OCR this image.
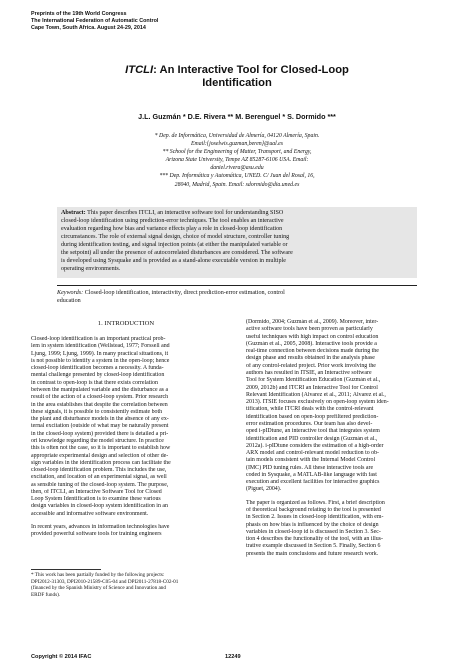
Preprints of the 19th World Congress
The International Federation of Automatic Control
Cape Town, South Africa. August 24-29, 2014
ITCLI: An Interactive Tool for Closed-Loop
Identification
J.L. Guzmán * D.E. Rivera ** M. Berenguel * S. Dormido ***
* Dep. de Informática, Universidad de Almería, 04120 Almería, Spain.
Email:{joselwis.guzman,beren}@ual.es
** School for the Engineering of Matter, Transport, and Energy,
Arizona State University, Tempe AZ 85287-6106 USA. Email:
daniel.rivera@asu.edu
*** Dep. Informática y Automática, UNED. C/ Juan del Rosal, 16,
28040, Madrid, Spain. Email: sdormido@dia.uned.es
Abstract: This paper describes ITCLI, an interactive software tool for understanding SISO
closed-loop identification using prediction-error techniques. The tool enables an interactive
evaluation regarding how bias and variance effects play a role in closed-loop identification
circumstances. The role of external signal design, choice of model structure, controller tuning
during identification testing, and signal injection points (at either the manipulated variable or
the setpoint) all under the presence of autocorrelated disturbances are considered. The software
is developed using Sysquake and is provided as a stand-alone executable version in multiple
operating environments.
Keywords: Closed-loop identification, interactivity, direct prediction-error estimation, control
education
1. INTRODUCTION
Closed-loop identification is an important practical prob-
lem in system identification (Wellstead, 1977; Forssell and
Ljung, 1999; Ljung, 1999). In many practical situations, it
is not possible to identify a system in the open-loop; hence
closed-loop identification becomes a necessity. A funda-
mental challenge presented by closed-loop identification
in contrast to open-loop is that there exists correlation
between the manipulated variable and the disturbance as a
result of the action of a closed-loop system. Prior research
in the area establishes that despite the correlation between
these signals, it is possible to consistently estimate both
the plant and disturbance models in the absence of any ex-
ternal excitation (outside of what may be naturally present
in the closed-loop system) provided there is detailed a pri-
ori knowledge regarding the model structure. In practice
this is often not the case, so it is important to establish how
appropriate experimental design and selection of other de-
sign variables in the identification process can facilitate the
closed-loop identification problem. This includes the use,
excitation, and location of an experimental signal, as well
as sensible tuning of the closed-loop system. The purpose,
then, of ITCLI, an Interactive Software Tool for Closed
Loop System Identification is to examine these various
design variables in closed-loop system identification in an
accessible and informative software environment.
In recent years, advances in information technologies have
provided powerful software tools for training engineers
* This work has been partially funded by the following projects:
DPI2012-31303, DPI2010-21589-C05-04 and DPI2011-27818-C02-01
(financed by the Spanish Ministry of Science and Innovation and
ERDF funds).
(Dormido, 2004; Guzmán et al., 2009). Moreover, inter-
active software tools have been proven as particularly
useful techniques with high impact on control education
(Guzmán et al., 2005, 2008). Interactive tools provide a
real-time connection between decisions made during the
design phase and results obtained in the analysis phase
of any control-related project. Prior work involving the
authors has resulted in ITSIE, an Interactive software
Tool for System Identification Education (Guzmán et al.,
2009, 2012b) and ITCRI an Interactive Tool for Control
Relevant Identification (Álvarez et al., 2011; Álvarez et al.,
2013). ITSIE focuses exclusively on open-loop system iden-
tification, while ITCRI deals with the control-relevant
identification based on open-loop prefiltered prediction-
error estimation procedures. Our team has also devel-
oped i-pIDtune, an interactive tool that integrates system
identification and PID controller design (Guzmán et al.,
2012a). i-pIDtune considers the estimation of a high-order
ARX model and control-relevant model reduction to ob-
tain models consistent with the Internal Model Control
(IMC) PID tuning rules. All these interactive tools are
coded in Sysquake, a MATLAB-like language with fast
execution and excellent facilities for interactive graphics
(Piguet, 2004).
The paper is organized as follows. First, a brief description
of theoretical background relating to the tool is presented
in Section 2. Issues in closed-loop identification, with em-
phasis on how bias is influenced by the choice of design
variables in closed-loop id is discussed in Section 3. Sec-
tion 4 describes the functionality of the tool, with an illus-
trative example discussed in Section 5. Finally, Section 6
presents the main conclusions and future research work.
Copyright © 2014 IFAC	12249
